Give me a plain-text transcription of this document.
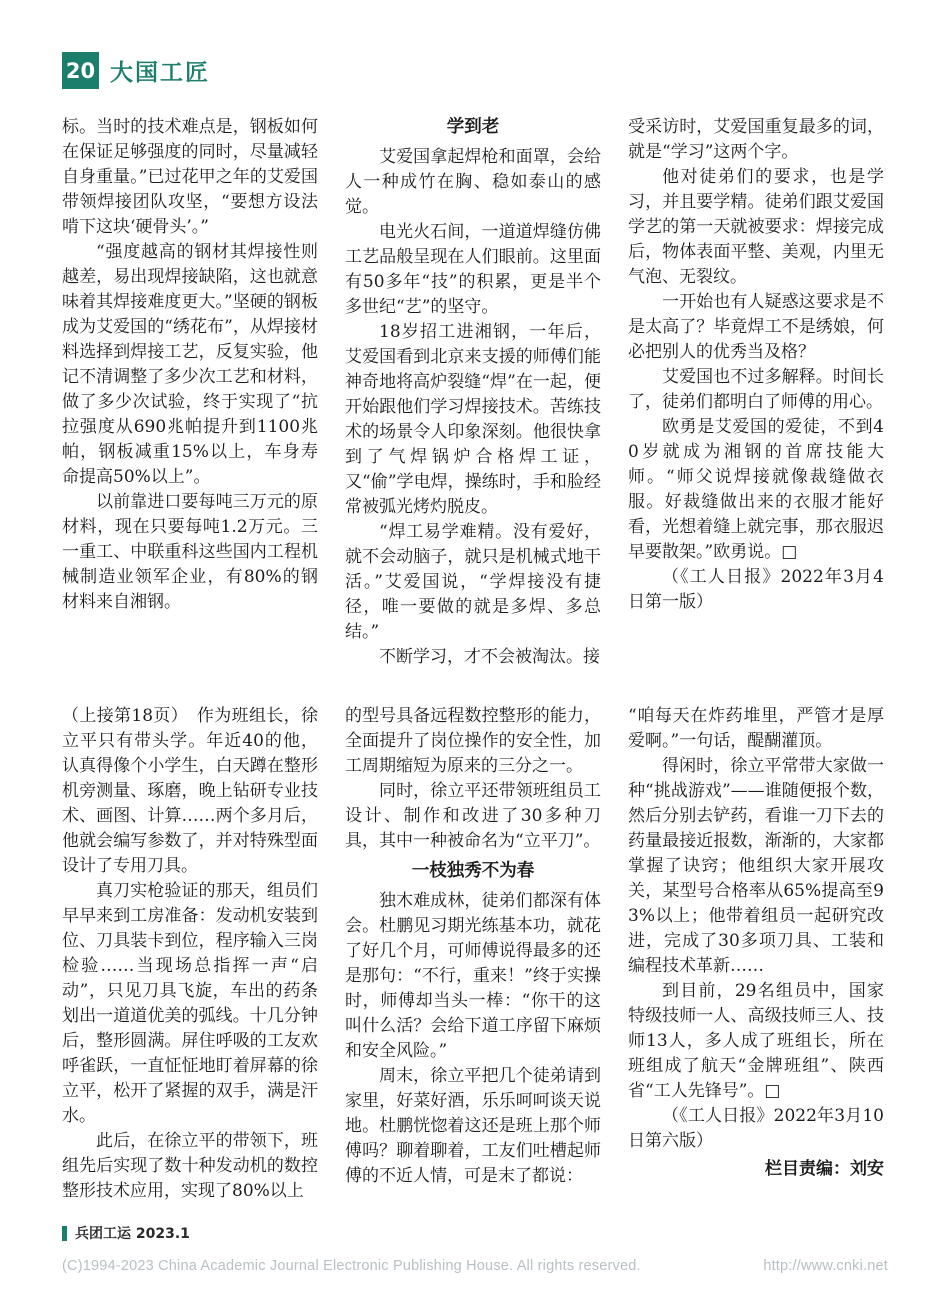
20 大国工匠

标。当时的技术难点是，钢板如何在保证足够强度的同时，尽量减轻自身重量。”已过花甲之年的艾爱国带领焊接团队攻坚，“要想方设法啃下这块‘硬骨头’。”

“强度越高的钢材其焊接性则越差，易出现焊接缺陷，这也就意味着其焊接难度更大。”坚硬的钢板成为艾爱国的“绣花布”，从焊接材料选择到焊接工艺，反复实验，他记不清调整了多少次工艺和材料，做了多少次试验，终于实现了“抗拉强度从690兆帕提升到1100兆帕，钢板减重15%以上，车身寿命提高50%以上”。

以前靠进口要每吨三万元的原材料，现在只要每吨1.2万元。三一重工、中联重科这些国内工程机械制造业领军企业，有80%的钢材料来自湘钢。

学到老

艾爱国拿起焊枪和面罩，会给人一种成竹在胸、稳如泰山的感觉。

电光火石间，一道道焊缝仿佛工艺品般呈现在人们眼前。这里面有50多年“技”的积累，更是半个多世纪“艺”的坚守。

18岁招工进湘钢，一年后，艾爱国看到北京来支援的师傅们能神奇地将高炉裂缝“焊”在一起，便开始跟他们学习焊接技术。苦练技术的场景令人印象深刻。他很快拿到了气焊锅炉合格焊工证，又“偷”学电焊，操练时，手和脸经常被弧光烤灼脱皮。

“焊工易学难精。没有爱好，就不会动脑子，就只是机械式地干活。”艾爱国说，“学焊接没有捷径，唯一要做的就是多焊、多总结。”

不断学习，才不会被淘汰。接

受采访时，艾爱国重复最多的词，就是“学习”这两个字。

他对徒弟们的要求，也是学习，并且要学精。徒弟们跟艾爱国学艺的第一天就被要求：焊接完成后，物体表面平整、美观，内里无气泡、无裂纹。

一开始也有人疑惑这要求是不是太高了？毕竟焊工不是绣娘，何必把别人的优秀当及格？

艾爱国也不过多解释。时间长了，徒弟们都明白了师傅的用心。

欧勇是艾爱国的爱徒，不到40岁就成为湘钢的首席技能大师。“师父说焊接就像裁缝做衣服。好裁缝做出来的衣服才能好看，光想着缝上就完事，那衣服迟早要散架。”欧勇说。□

（《工人日报》2022年3月4日第一版）

（上接第18页）　作为班组长，徐立平只有带头学。年近40的他，认真得像个小学生，白天蹲在整形机旁测量、琢磨，晚上钻研专业技术、画图、计算……两个多月后，他就会编写参数了，并对特殊型面设计了专用刀具。

真刀实枪验证的那天，组员们早早来到工房准备：发动机安装到位、刀具装卡到位，程序输入三岗检验……当现场总指挥一声“启动”，只见刀具飞旋，车出的药条划出一道道优美的弧线。十几分钟后，整形圆满。屏住呼吸的工友欢呼雀跃，一直怔怔地盯着屏幕的徐立平，松开了紧握的双手，满是汗水。

此后，在徐立平的带领下，班组先后实现了数十种发动机的数控整形技术应用，实现了80%以上

的型号具备远程数控整形的能力，全面提升了岗位操作的安全性，加工周期缩短为原来的三分之一。

同时，徐立平还带领班组员工设计、制作和改进了30多种刀具，其中一种被命名为“立平刀”。

一枝独秀不为春

独木难成林，徒弟们都深有体会。杜鹏见习期光练基本功，就花了好几个月，可师傅说得最多的还是那句：“不行，重来！”终于实操时，师傅却当头一棒：“你干的这叫什么活？会给下道工序留下麻烦和安全风险。”

周末，徐立平把几个徒弟请到家里，好菜好酒，乐乐呵呵谈天说地。杜鹏恍惚着这还是班上那个师傅吗？聊着聊着，工友们吐槽起师傅的不近人情，可是末了都说：

“咱每天在炸药堆里，严管才是厚爱啊。”一句话，醍醐灌顶。

得闲时，徐立平常带大家做一种“挑战游戏”——谁随便报个数，然后分别去铲药，看谁一刀下去的药量最接近报数，渐渐的，大家都掌握了诀窍；他组织大家开展攻关，某型号合格率从65%提高至93%以上；他带着组员一起研究改进，完成了30多项刀具、工装和编程技术革新……

到目前，29名组员中，国家特级技师一人、高级技师三人、技师13人，多人成了班组长，所在班组成了航天“金牌班组”、陕西省“工人先锋号”。□

（《工人日报》2022年3月10日第六版）

栏目责编：刘安

兵团工运 2023.1
(C)1994-2023 China Academic Journal Electronic Publishing House. All rights reserved.	http://www.cnki.net
